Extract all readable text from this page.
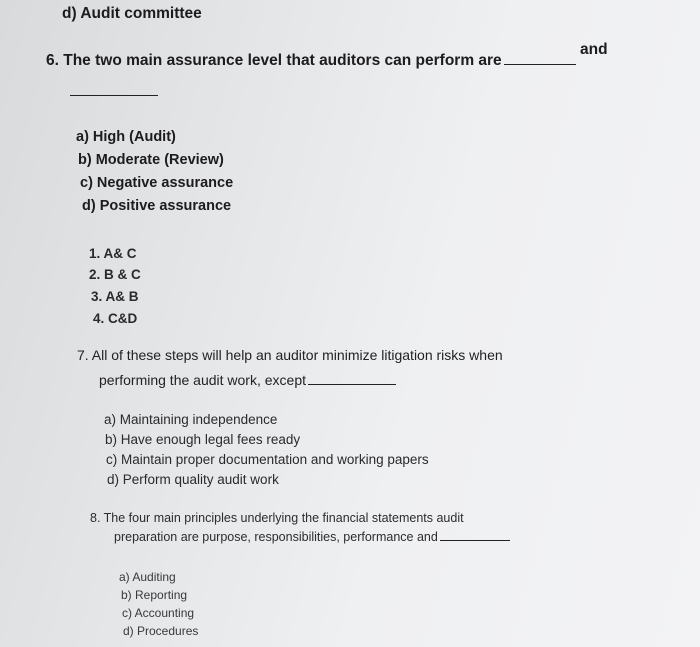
d) Audit committee
6. The two main assurance level that auditors can perform are
and
a) High (Audit)
b) Moderate (Review)
c) Negative assurance
d) Positive assurance
1. A& C
2. B & C
3. A& B
4. C&D
7. All of these steps will help an auditor minimize litigation risks when
performing the audit work, except
a) Maintaining independence
b) Have enough legal fees ready
c) Maintain proper documentation and working papers
d) Perform quality audit work
8. The four main principles underlying the financial statements audit
preparation are purpose, responsibilities, performance and
a) Auditing
b) Reporting
c) Accounting
d) Procedures
